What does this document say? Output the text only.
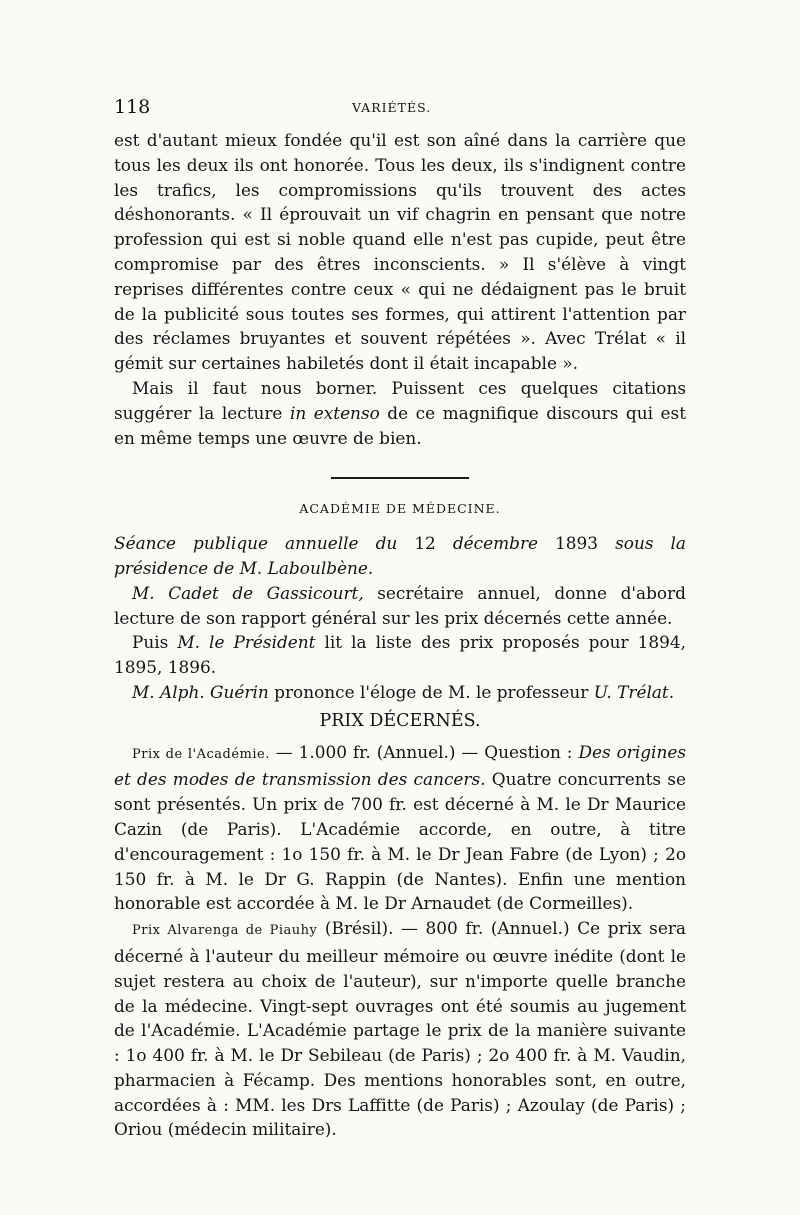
118	VARIÉTÉS.

est d'autant mieux fondée qu'il est son aîné dans la carrière que tous les deux ils ont honorée. Tous les deux, ils s'indignent contre les trafics, les compromissions qu'ils trouvent des actes déshonorants. « Il éprouvait un vif chagrin en pensant que notre profession qui est si noble quand elle n'est pas cupide, peut être compromise par des êtres inconscients. » Il s'élève à vingt reprises différentes contre ceux « qui ne dédaignent pas le bruit de la publicité sous toutes ses formes, qui attirent l'attention par des réclames bruyantes et souvent répétées ». Avec Trélat « il gémit sur certaines habiletés dont il était incapable ».

Mais il faut nous borner. Puissent ces quelques citations suggérer la lecture in extenso de ce magnifique discours qui est en même temps une œuvre de bien.

ACADÉMIE DE MÉDECINE.

Séance publique annuelle du 12 décembre 1893 sous la présidence de M. Laboulbène.

M. Cadet de Gassicourt, secrétaire annuel, donne d'abord lecture de son rapport général sur les prix décernés cette année.

Puis M. le Président lit la liste des prix proposés pour 1894, 1895, 1896.

M. Alph. Guérin prononce l'éloge de M. le professeur U. Trélat.

PRIX DÉCERNÉS.

Prix de l'Académie. — 1.000 fr. (Annuel.) — Question : Des origines et des modes de transmission des cancers. Quatre concurrents se sont présentés. Un prix de 700 fr. est décerné à M. le Dr Maurice Cazin (de Paris). L'Académie accorde, en outre, à titre d'encouragement : 1o 150 fr. à M. le Dr Jean Fabre (de Lyon) ; 2o 150 fr. à M. le Dr G. Rappin (de Nantes). Enfin une mention honorable est accordée à M. le Dr Arnaudet (de Cormeilles).

Prix Alvarenga de Piauhy (Brésil). — 800 fr. (Annuel.) Ce prix sera décerné à l'auteur du meilleur mémoire ou œuvre inédite (dont le sujet restera au choix de l'auteur), sur n'importe quelle branche de la médecine. Vingt-sept ouvrages ont été soumis au jugement de l'Académie. L'Académie partage le prix de la manière suivante : 1o 400 fr. à M. le Dr Sebileau (de Paris) ; 2o 400 fr. à M. Vaudin, pharmacien à Fécamp. Des mentions honorables sont, en outre, accordées à : MM. les Drs Laffitte (de Paris) ; Azoulay (de Paris) ; Oriou (médecin militaire).
